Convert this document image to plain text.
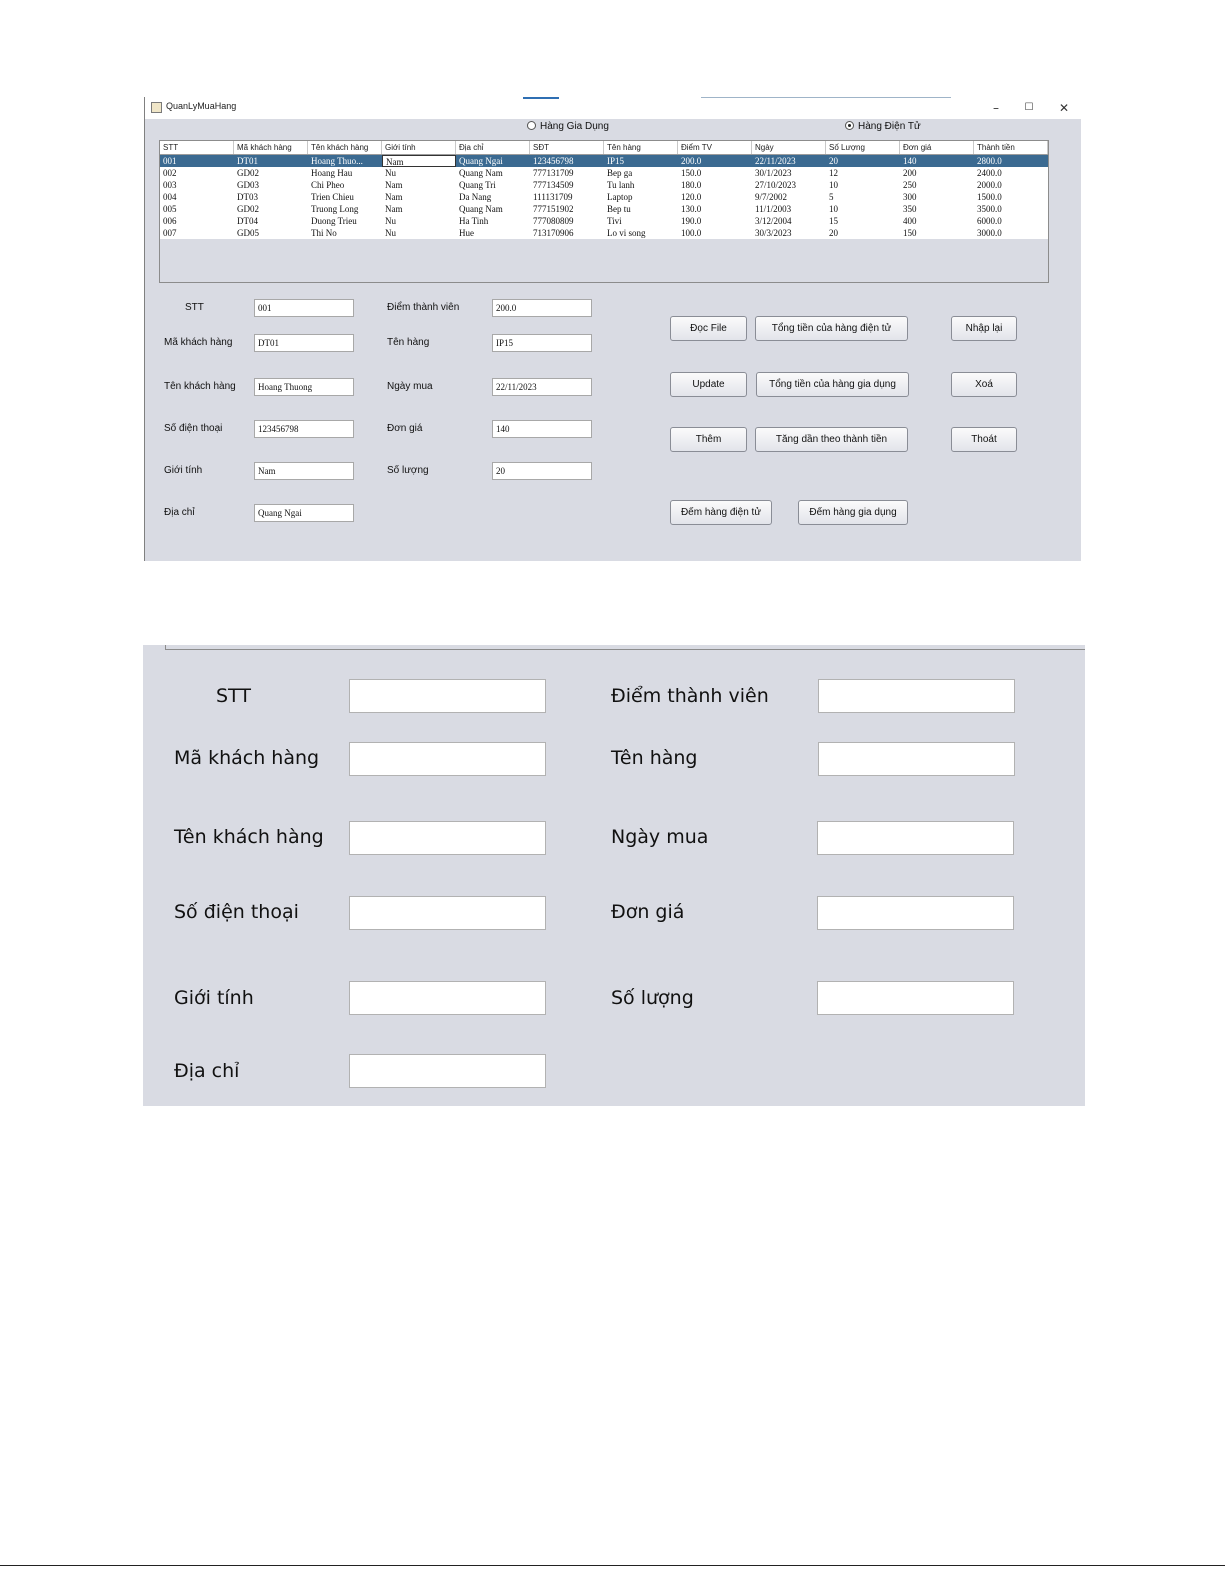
QuanLyMuaHang	–	☐	✕
Hàng Gia Dụng	Hàng Điện Tử
STT	Mã khách hàng	Tên khách hàng	Giới tính	Địa chỉ	SĐT	Tên hàng	Điểm TV	Ngày	Số Lượng	Đơn giá	Thành tiền
001	DT01	Hoang Thuo...	Nam	Quang Ngai	123456798	IP15	200.0	22/11/2023	20	140	2800.0
002	GD02	Hoang Hau	Nu	Quang Nam	777131709	Bep ga	150.0	30/1/2023	12	200	2400.0
003	GD03	Chi Pheo	Nam	Quang Tri	777134509	Tu lanh	180.0	27/10/2023	10	250	2000.0
004	DT03	Trien Chieu	Nam	Da Nang	111131709	Laptop	120.0	9/7/2002	5	300	1500.0
005	GD02	Truong Long	Nam	Quang Nam	777151902	Bep tu	130.0	11/1/2003	10	350	3500.0
006	DT04	Duong Trieu	Nu	Ha Tinh	777080809	Tivi	190.0	3/12/2004	15	400	6000.0
007	GD05	Thi No	Nu	Hue	713170906	Lo vi song	100.0	30/3/2023	20	150	3000.0
STT	001
Mã khách hàng	DT01
Tên khách hàng	Hoang Thuong
Số điện thoại	123456798
Giới tính	Nam
Địa chỉ	Quang Ngai
Điểm thành viên	200.0
Tên hàng	IP15
Ngày mua	22/11/2023
Đơn giá	140
Số lượng	20
Đọc File	Tổng tiền của hàng điện tử	Nhập lại
Update	Tổng tiền của hàng gia dụng	Xoá
Thêm	Tăng dần theo thành tiền	Thoát
Đếm hàng điện tử	Đếm hàng gia dụng
STT	Điểm thành viên
Mã khách hàng	Tên hàng
Tên khách hàng	Ngày mua
Số điện thoại	Đơn giá
Giới tính	Số lượng
Địa chỉ
